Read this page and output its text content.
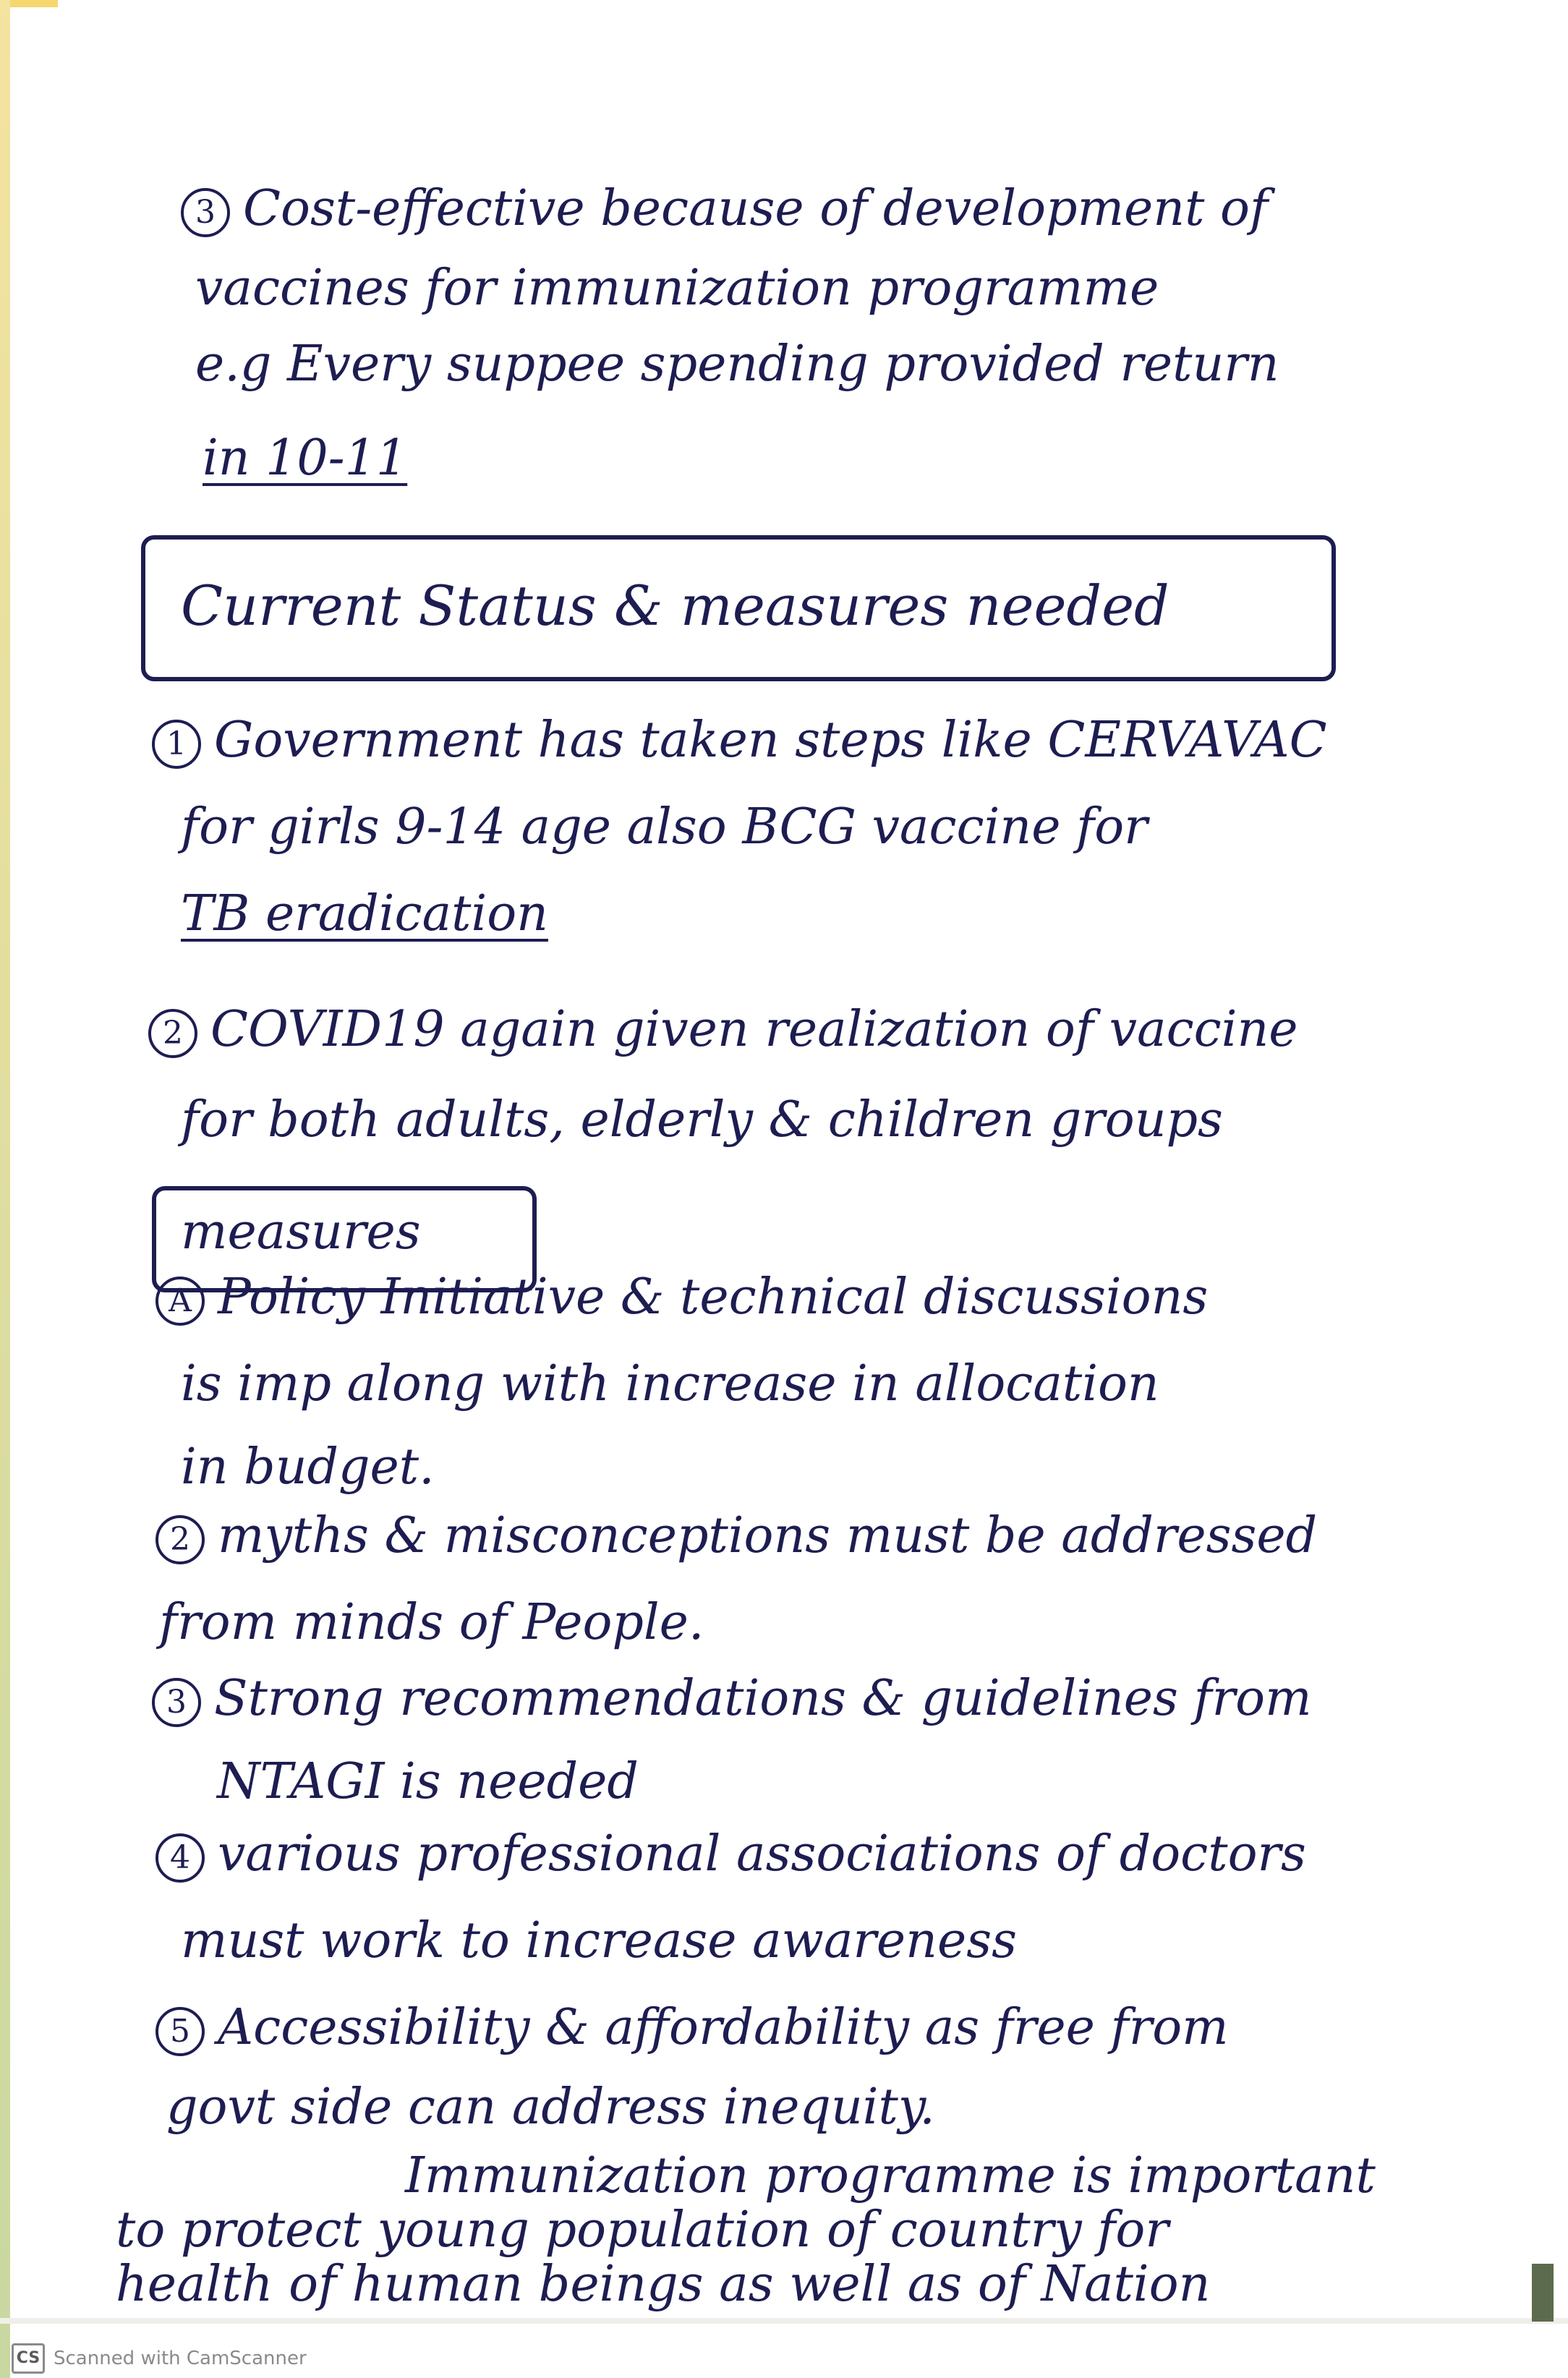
3 Cost-effective because of development of
vaccines for immunization programme
e.g Every suppee spending provided return
in 10-11
Current Status & measures needed
1 Government has taken steps like CERVAVAC
for girls 9-14 age also BCG vaccine for
TB eradication
2 COVID19 again given realization of vaccine
for both adults, elderly & children groups
measures
A Policy Initiative & technical discussions
is imp along with increase in allocation
in budget.
2 myths & misconceptions must be addressed
from minds of People.
3 Strong recommendations & guidelines from
NTAGI is needed
4 various professional associations of doctors
must work to increase awareness
5 Accessibility & affordability as free from
govt side can address inequity.
Immunization programme is important
to protect young population of country for
health of human beings as well as of Nation
CS Scanned with CamScanner
